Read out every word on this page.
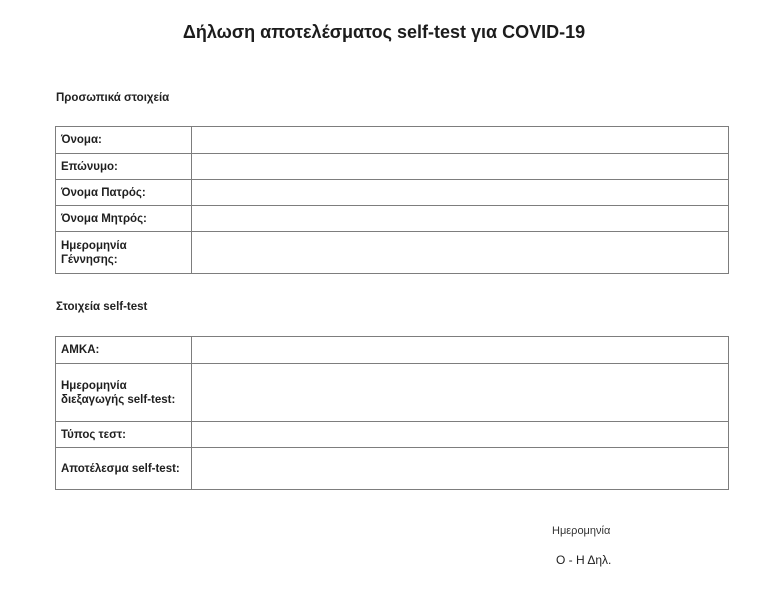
Δήλωση αποτελέσματος self-test για COVID-19
Προσωπικά στοιχεία
Όνομα:	
Επώνυμο:	
Όνομα Πατρός:	
Όνομα Μητρός:	
Ημερομηνία Γέννησης:	
Στοιχεία self-test
ΑΜΚΑ:	
Ημερομηνία διεξαγωγής self-test:	
Τύπος τεστ:	
Αποτέλεσμα self-test:	
Ημερομηνία
Ο - Η Δηλ.
